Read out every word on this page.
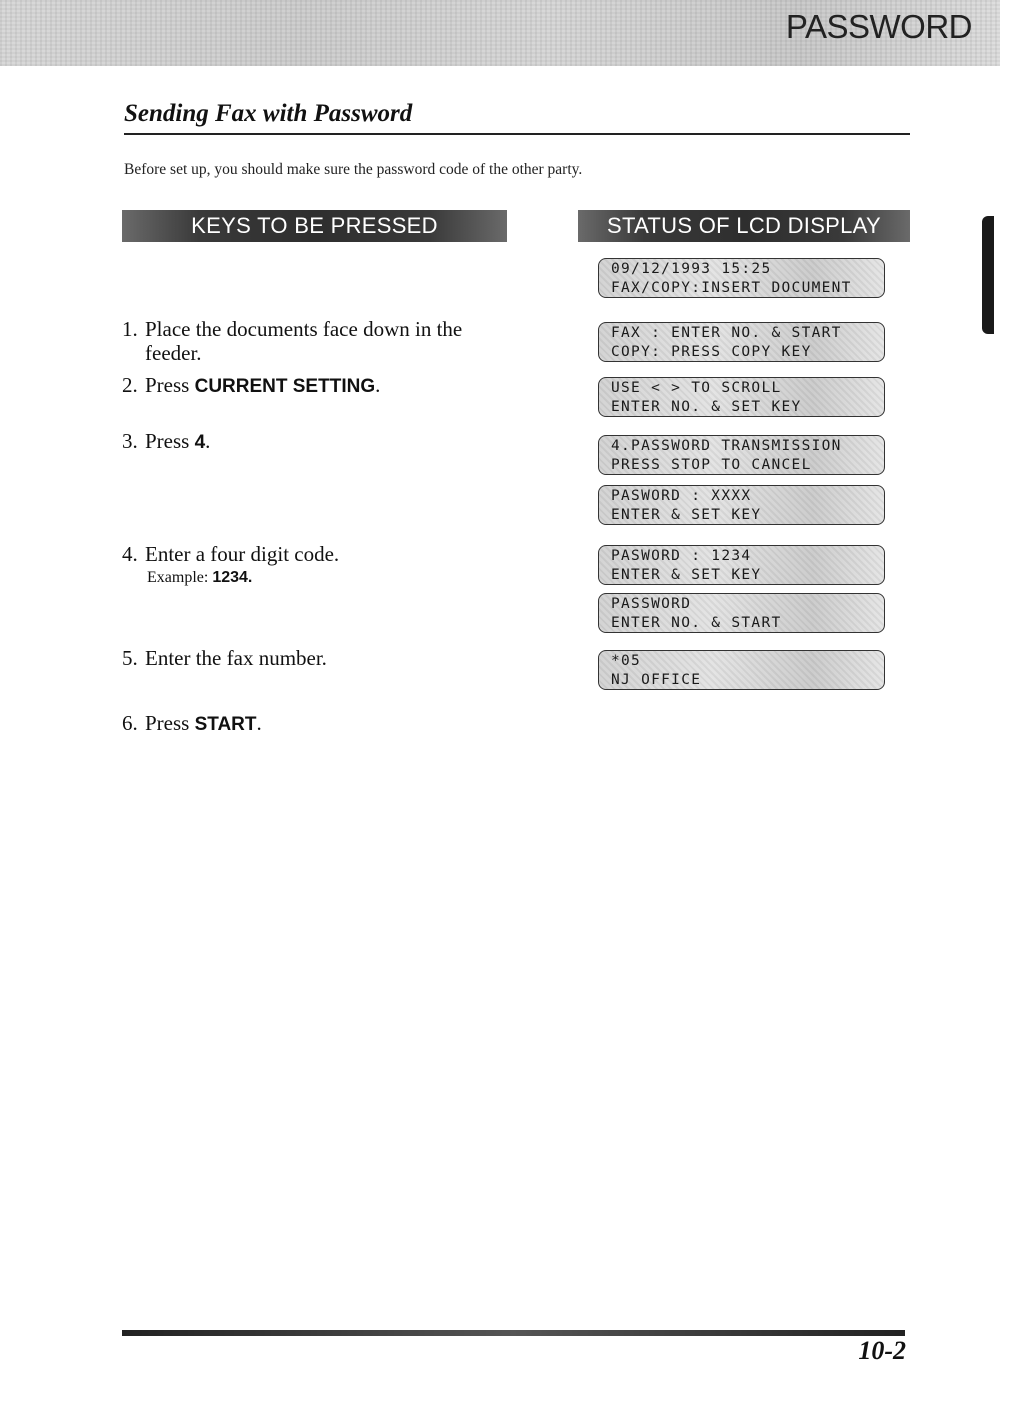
PASSWORD
Sending Fax with Password
Before set up, you should make sure the password code of the other party.
KEYS TO BE PRESSED	STATUS OF LCD DISPLAY
1. Place the documents face down in the
feeder.
2. Press CURRENT SETTING.
3. Press 4.
4. Enter a four digit code.
Example: 1234.
5. Enter the fax number.
6. Press START.
09/12/1993 15:25
FAX/COPY:INSERT DOCUMENT
FAX : ENTER NO. & START
COPY: PRESS COPY KEY
USE < > TO SCROLL
ENTER NO. & SET KEY
4.PASSWORD TRANSMISSION
PRESS STOP TO CANCEL
PASWORD : XXXX
ENTER & SET KEY
PASWORD : 1234
ENTER & SET KEY
PASSWORD
ENTER NO. & START
*05
NJ OFFICE
10-2
